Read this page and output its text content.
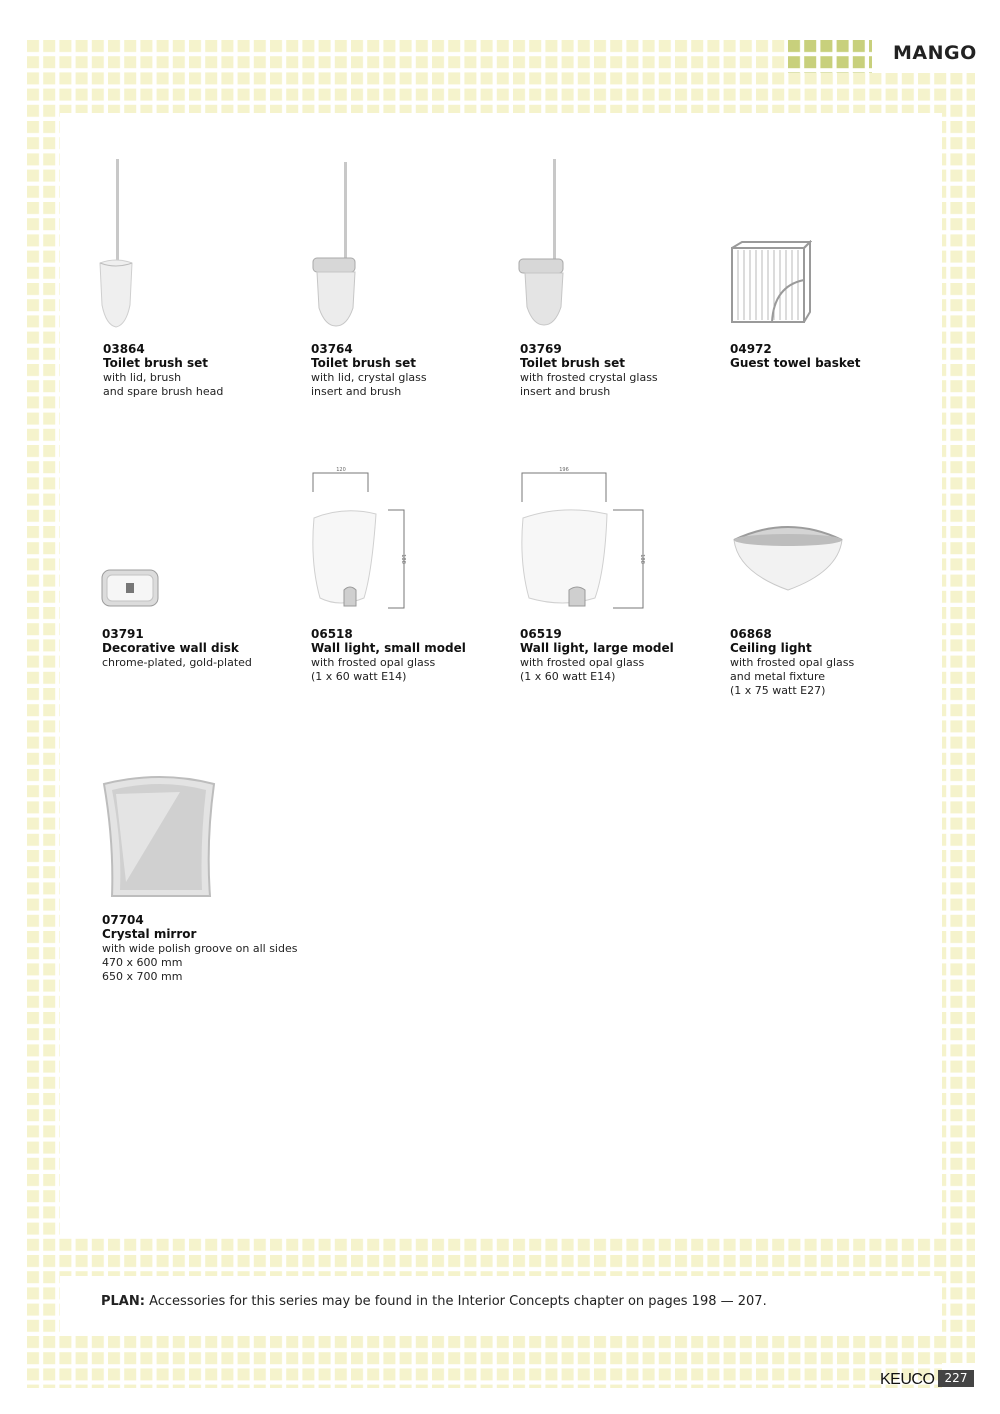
MANGO
120
188
196
188
03864
Toilet brush set
with lid, brush
and spare brush head
03764
Toilet brush set
with lid, crystal glass
insert and brush
03769
Toilet brush set
with frosted crystal glass
insert and brush
04972
Guest towel basket
03791
Decorative wall disk
chrome-plated, gold-plated
06518
Wall light, small model
with frosted opal glass
(1 x 60 watt E14)
06519
Wall light, large model
with frosted opal glass
(1 x 60 watt E14)
06868
Ceiling light
with frosted opal glass
and metal fixture
(1 x 75 watt E27)
07704
Crystal mirror
with wide polish groove on all sides
470 x 600 mm
650 x 700 mm
PLAN: Accessories for this series may be found in the Interior Concepts chapter on pages 198 — 207.
KEUCO 227
